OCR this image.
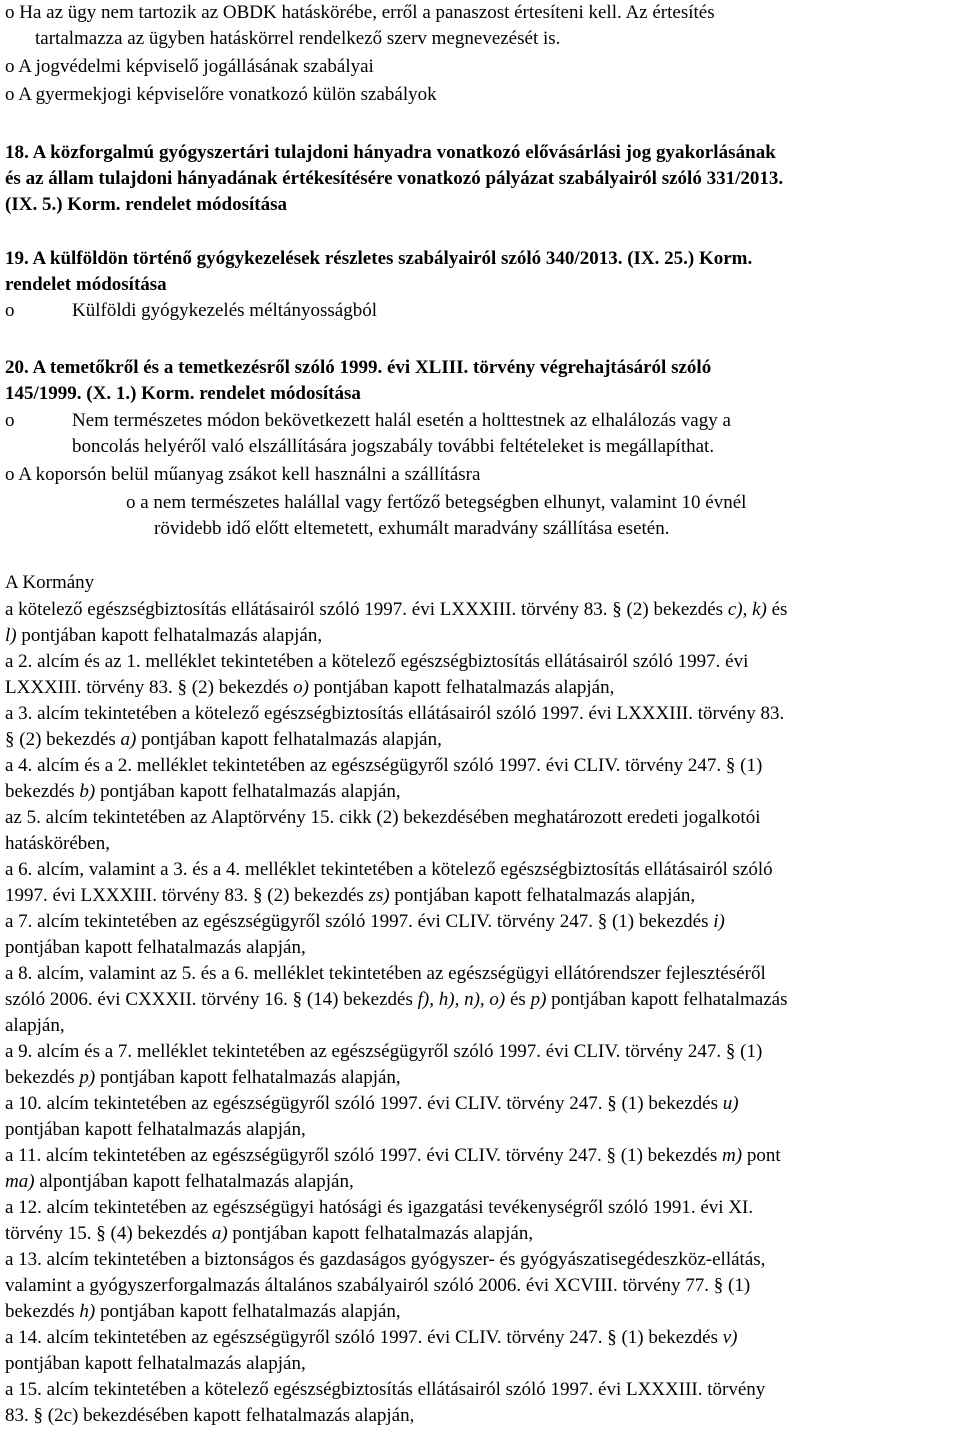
o Ha az ügy nem tartozik az OBDK hatáskörébe, erről a panaszost értesíteni kell. Az értesítés
tartalmazza az ügyben hatáskörrel rendelkező szerv megnevezését is.
o A jogvédelmi képviselő jogállásának szabályai
o A gyermekjogi képviselőre vonatkozó külön szabályok
18. A közforgalmú gyógyszertári tulajdoni hányadra vonatkozó elővásárlási jog gyakorlásának
és az állam tulajdoni hányadának értékesítésére vonatkozó pályázat szabályairól szóló 331/2013.
(IX. 5.) Korm. rendelet módosítása
19. A külföldön történő gyógykezelések részletes szabályairól szóló 340/2013. (IX. 25.) Korm.
rendelet módosítása
o	Külföldi gyógykezelés méltányosságból
20. A temetőkről és a temetkezésről szóló 1999. évi XLIII. törvény végrehajtásáról szóló
145/1999. (X. 1.) Korm. rendelet módosítása
o	Nem természetes módon bekövetkezett halál esetén a holttestnek az elhalálozás vagy a
boncolás helyéről való elszállítására jogszabály további feltételeket is megállapíthat.
o A koporsón belül műanyag zsákot kell használni a szállításra
o a nem természetes halállal vagy fertőző betegségben elhunyt, valamint 10 évnél
rövidebb idő előtt eltemetett, exhumált maradvány szállítása esetén.
A Kormány
a kötelező egészségbiztosítás ellátásairól szóló 1997. évi LXXXIII. törvény 83. § (2) bekezdés c), k) és
l) pontjában kapott felhatalmazás alapján,
a 2. alcím és az 1. melléklet tekintetében a kötelező egészségbiztosítás ellátásairól szóló 1997. évi
LXXXIII. törvény 83. § (2) bekezdés o) pontjában kapott felhatalmazás alapján,
a 3. alcím tekintetében a kötelező egészségbiztosítás ellátásairól szóló 1997. évi LXXXIII. törvény 83.
§ (2) bekezdés a) pontjában kapott felhatalmazás alapján,
a 4. alcím és a 2. melléklet tekintetében az egészségügyről szóló 1997. évi CLIV. törvény 247. § (1)
bekezdés b) pontjában kapott felhatalmazás alapján,
az 5. alcím tekintetében az Alaptörvény 15. cikk (2) bekezdésében meghatározott eredeti jogalkotói
hatáskörében,
a 6. alcím, valamint a 3. és a 4. melléklet tekintetében a kötelező egészségbiztosítás ellátásairól szóló
1997. évi LXXXIII. törvény 83. § (2) bekezdés zs) pontjában kapott felhatalmazás alapján,
a 7. alcím tekintetében az egészségügyről szóló 1997. évi CLIV. törvény 247. § (1) bekezdés i)
pontjában kapott felhatalmazás alapján,
a 8. alcím, valamint az 5. és a 6. melléklet tekintetében az egészségügyi ellátórendszer fejlesztéséről
szóló 2006. évi CXXXII. törvény 16. § (14) bekezdés f), h), n), o) és p) pontjában kapott felhatalmazás
alapján,
a 9. alcím és a 7. melléklet tekintetében az egészségügyről szóló 1997. évi CLIV. törvény 247. § (1)
bekezdés p) pontjában kapott felhatalmazás alapján,
a 10. alcím tekintetében az egészségügyről szóló 1997. évi CLIV. törvény 247. § (1) bekezdés u)
pontjában kapott felhatalmazás alapján,
a 11. alcím tekintetében az egészségügyről szóló 1997. évi CLIV. törvény 247. § (1) bekezdés m) pont
ma) alpontjában kapott felhatalmazás alapján,
a 12. alcím tekintetében az egészségügyi hatósági és igazgatási tevékenységről szóló 1991. évi XI.
törvény 15. § (4) bekezdés a) pontjában kapott felhatalmazás alapján,
a 13. alcím tekintetében a biztonságos és gazdaságos gyógyszer- és gyógyászatisegédeszköz-ellátás,
valamint a gyógyszerforgalmazás általános szabályairól szóló 2006. évi XCVIII. törvény 77. § (1)
bekezdés h) pontjában kapott felhatalmazás alapján,
a 14. alcím tekintetében az egészségügyről szóló 1997. évi CLIV. törvény 247. § (1) bekezdés v)
pontjában kapott felhatalmazás alapján,
a 15. alcím tekintetében a kötelező egészségbiztosítás ellátásairól szóló 1997. évi LXXXIII. törvény
83. § (2c) bekezdésében kapott felhatalmazás alapján,
